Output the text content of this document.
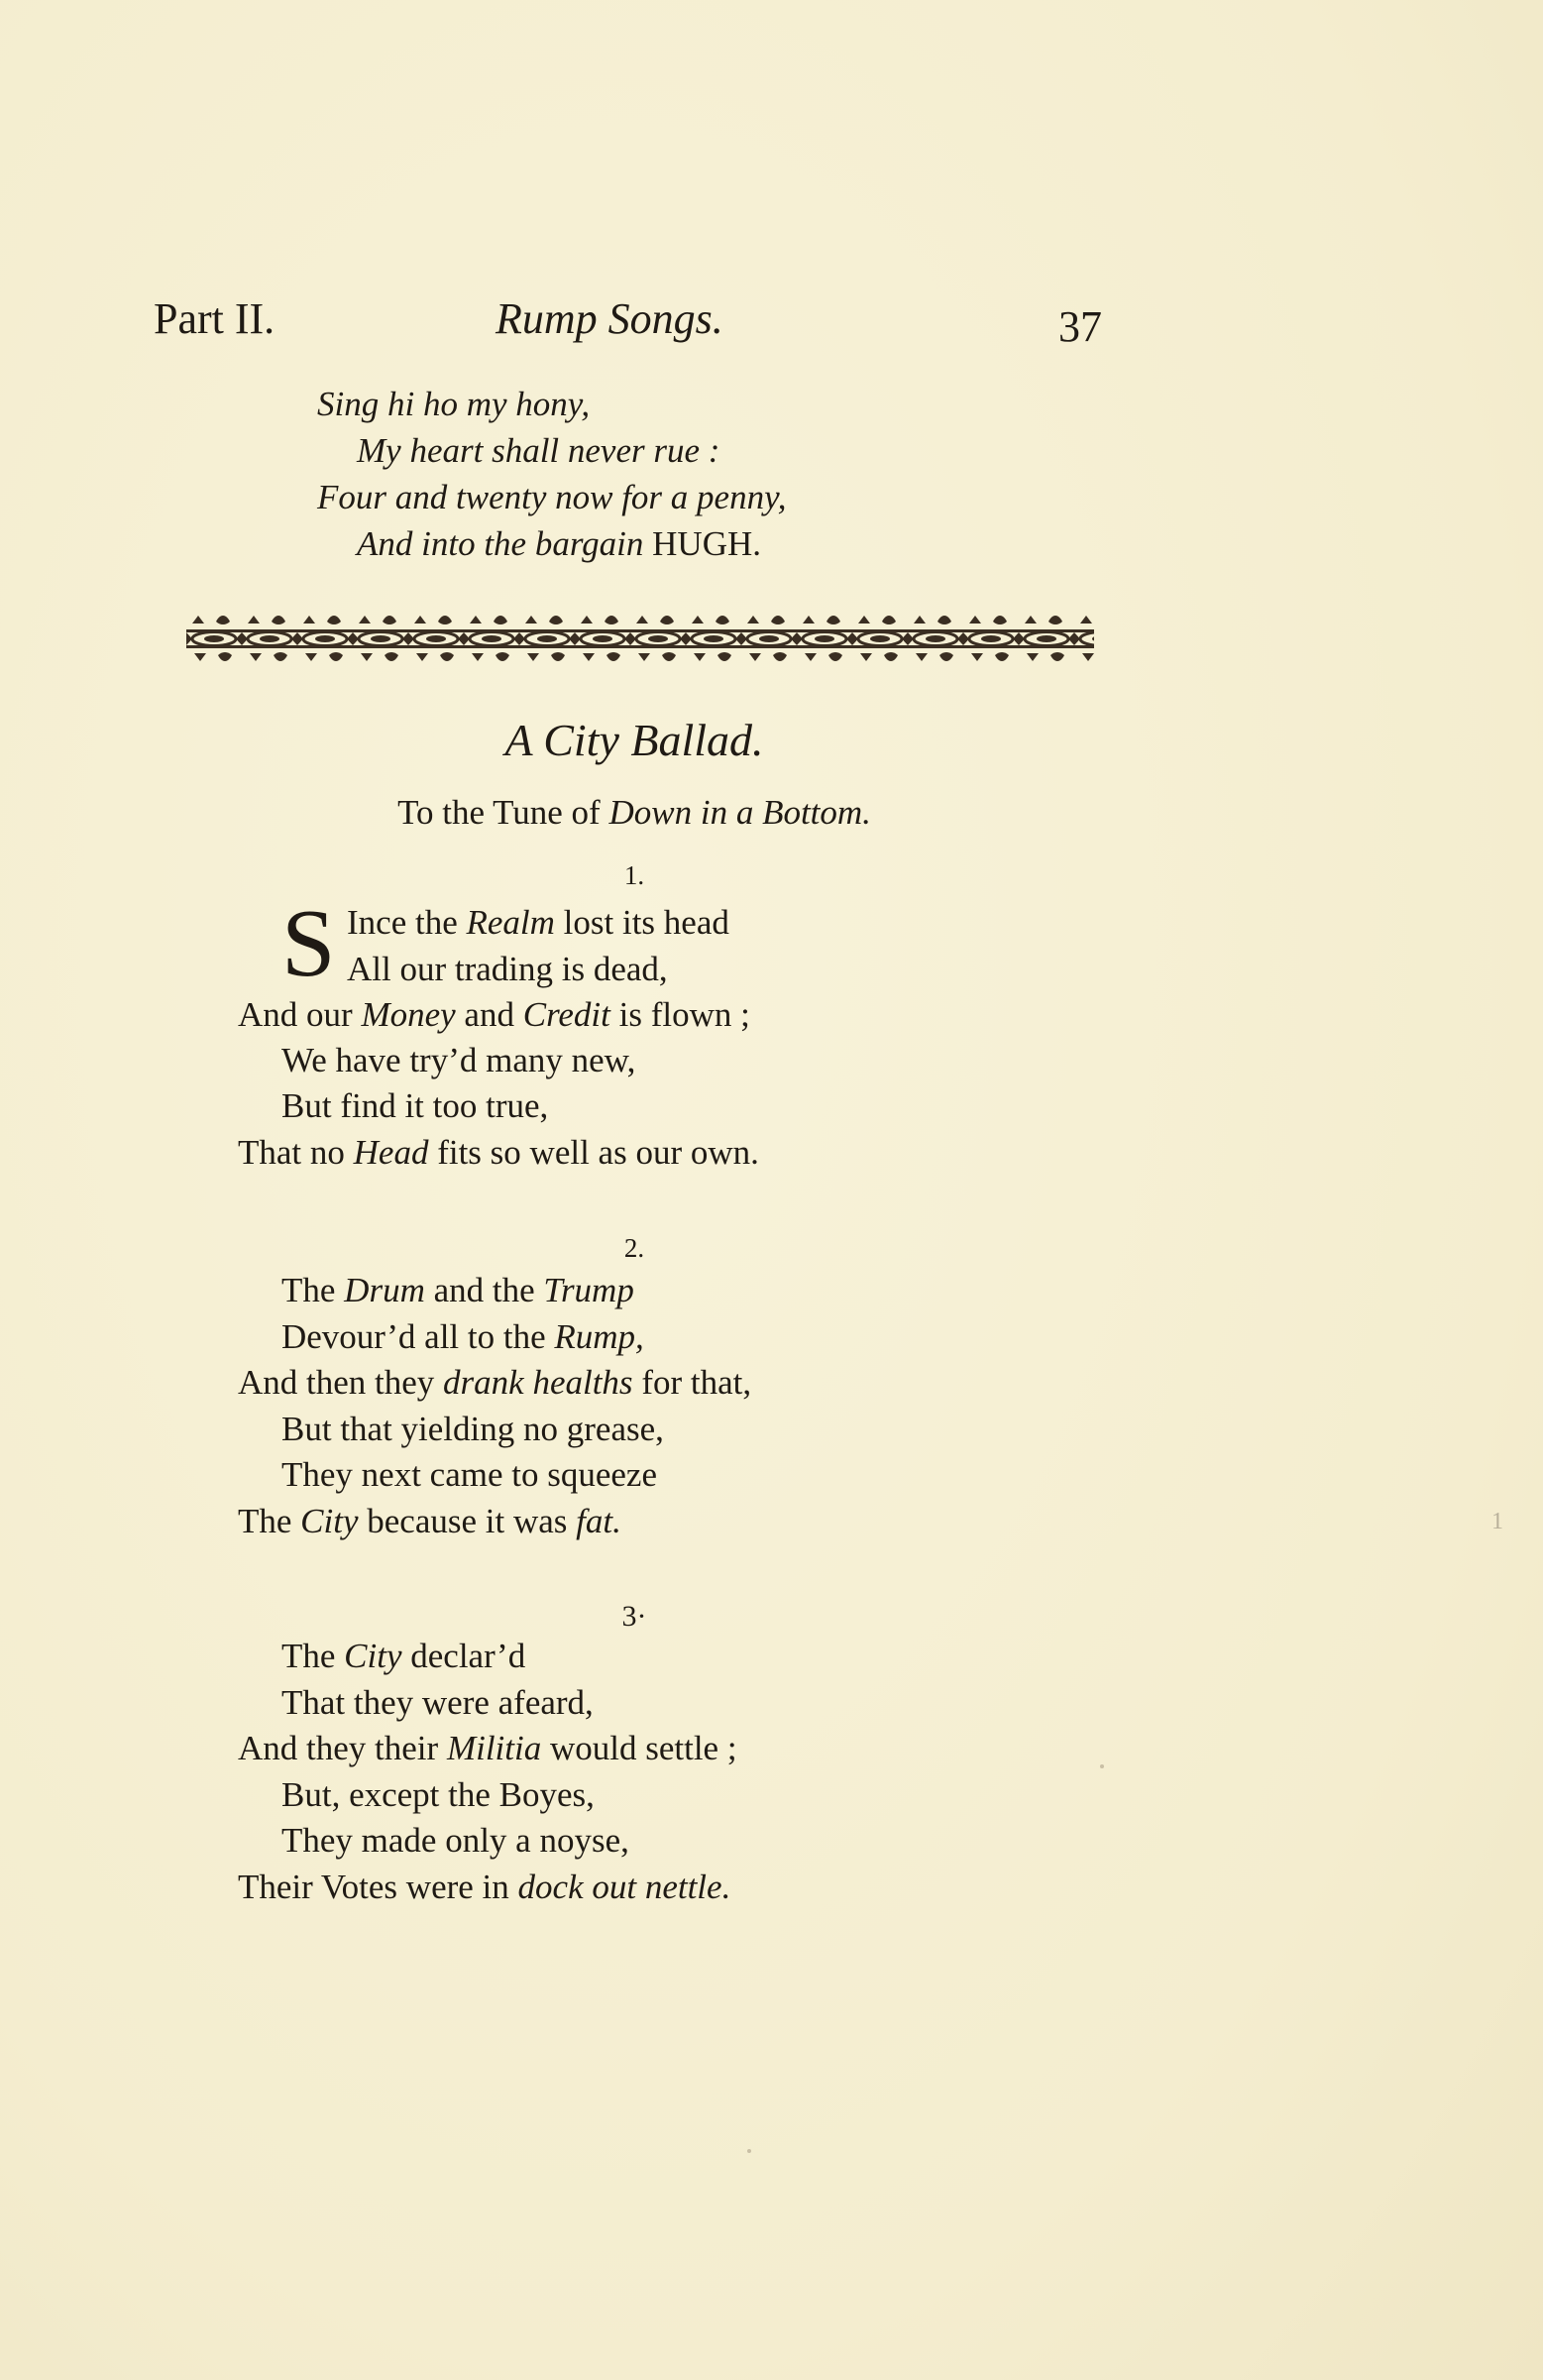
Part II.	Rump Songs.	37
Sing hi ho my hony,
My heart shall never rue :
Four and twenty now for a penny,
And into the bargain HUGH.
A City Ballad.
To the Tune of Down in a Bottom.
1.
S Ince the Realm lost its head
All our trading is dead,
And our Money and Credit is flown ;
We have try’d many new,
But find it too true,
That no Head fits so well as our own.
2.
The Drum and the Trump
Devour’d all to the Rump,
And then they drank healths for that,
But that yielding no grease,
They next came to squeeze
The City because it was fat.
3·
The City declar’d
That they were afeard,
And they their Militia would settle ;
But, except the Boyes,
They made only a noyse,
Their Votes were in dock out nettle.
1
